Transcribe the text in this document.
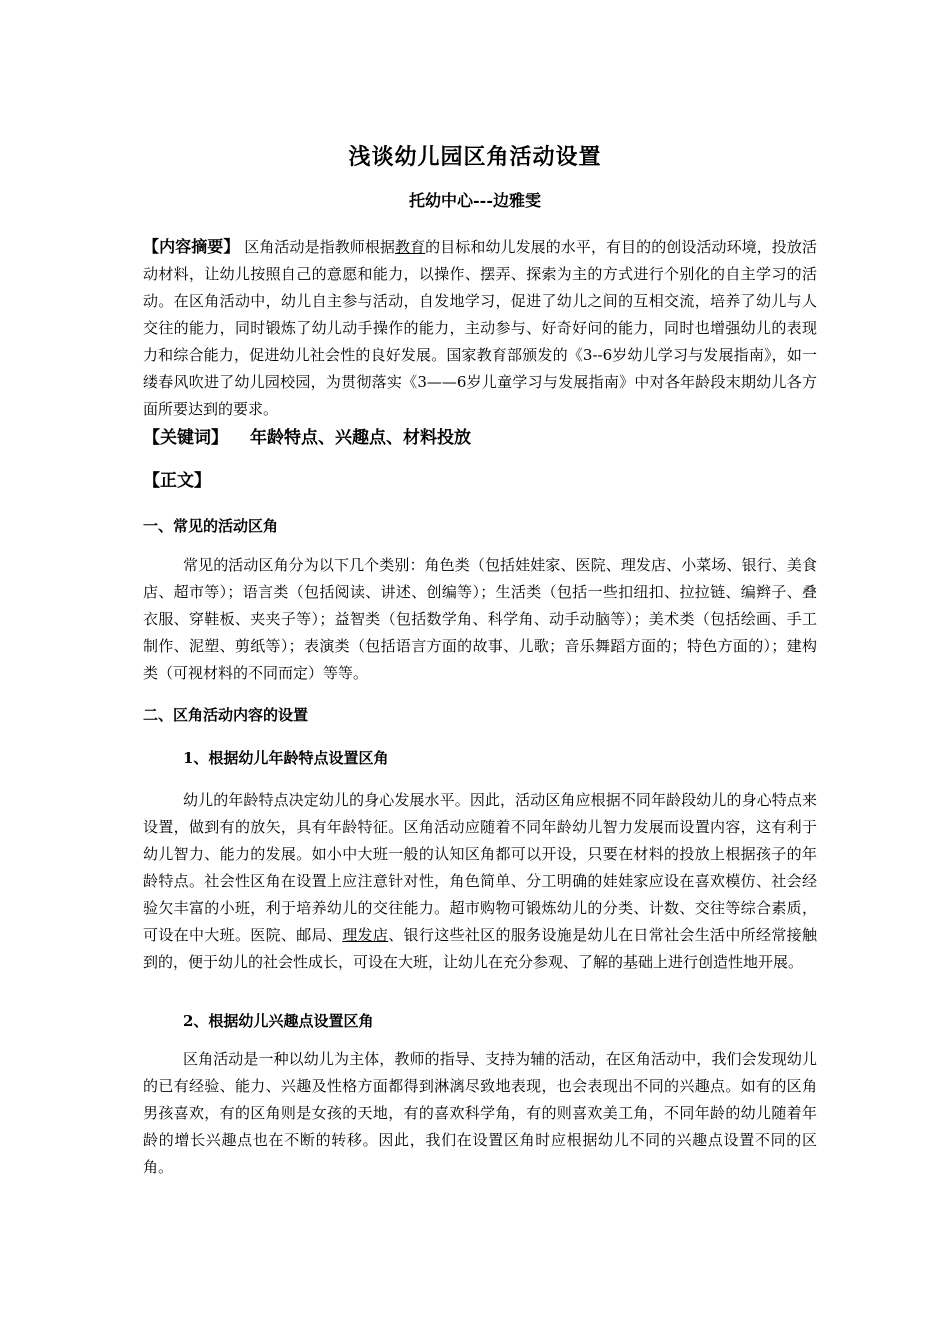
浅谈幼儿园区角活动设置
托幼中心---边雅雯
【内容摘要】 区角活动是指教师根据教育的目标和幼儿发展的水平，有目的的创设活动环境，投放活动材料，让幼儿按照自己的意愿和能力，以操作、摆弄、探索为主的方式进行个别化的自主学习的活动。在区角活动中，幼儿自主参与活动，自发地学习，促进了幼儿之间的互相交流，培养了幼儿与人交往的能力，同时锻炼了幼儿动手操作的能力，主动参与、好奇好问的能力，同时也增强幼儿的表现力和综合能力，促进幼儿社会性的良好发展。国家教育部颁发的《3--6岁幼儿学习与发展指南》，如一缕春风吹进了幼儿园校园，为贯彻落实《3——6岁儿童学习与发展指南》中对各年龄段末期幼儿各方面所要达到的要求。
【关键词】 年龄特点、兴趣点、材料投放
【正文】
一、常见的活动区角
常见的活动区角分为以下几个类别：角色类（包括娃娃家、医院、理发店、小菜场、银行、美食店、超市等）；语言类（包括阅读、讲述、创编等）；生活类（包括一些扣纽扣、拉拉链、编辫子、叠衣服、穿鞋板、夹夹子等）；益智类（包括数学角、科学角、动手动脑等）；美术类（包括绘画、手工制作、泥塑、剪纸等）；表演类（包括语言方面的故事、儿歌；音乐舞蹈方面的；特色方面的）；建构类（可视材料的不同而定）等等。
二、区角活动内容的设置
1、根据幼儿年龄特点设置区角
幼儿的年龄特点决定幼儿的身心发展水平。因此，活动区角应根据不同年龄段幼儿的身心特点来设置，做到有的放矢，具有年龄特征。区角活动应随着不同年龄幼儿智力发展而设置内容，这有利于幼儿智力、能力的发展。如小中大班一般的认知区角都可以开设，只要在材料的投放上根据孩子的年龄特点。社会性区角在设置上应注意针对性，角色简单、分工明确的娃娃家应设在喜欢模仿、社会经验欠丰富的小班，利于培养幼儿的交往能力。超市购物可锻炼幼儿的分类、计数、交往等综合素质，可设在中大班。医院、邮局、理发店、银行这些社区的服务设施是幼儿在日常社会生活中所经常接触到的，便于幼儿的社会性成长，可设在大班，让幼儿在充分参观、了解的基础上进行创造性地开展。
2、根据幼儿兴趣点设置区角
区角活动是一种以幼儿为主体，教师的指导、支持为辅的活动，在区角活动中，我们会发现幼儿的已有经验、能力、兴趣及性格方面都得到淋漓尽致地表现，也会表现出不同的兴趣点。如有的区角男孩喜欢，有的区角则是女孩的天地，有的喜欢科学角，有的则喜欢美工角，不同年龄的幼儿随着年龄的增长兴趣点也在不断的转移。因此，我们在设置区角时应根据幼儿不同的兴趣点设置不同的区角。
